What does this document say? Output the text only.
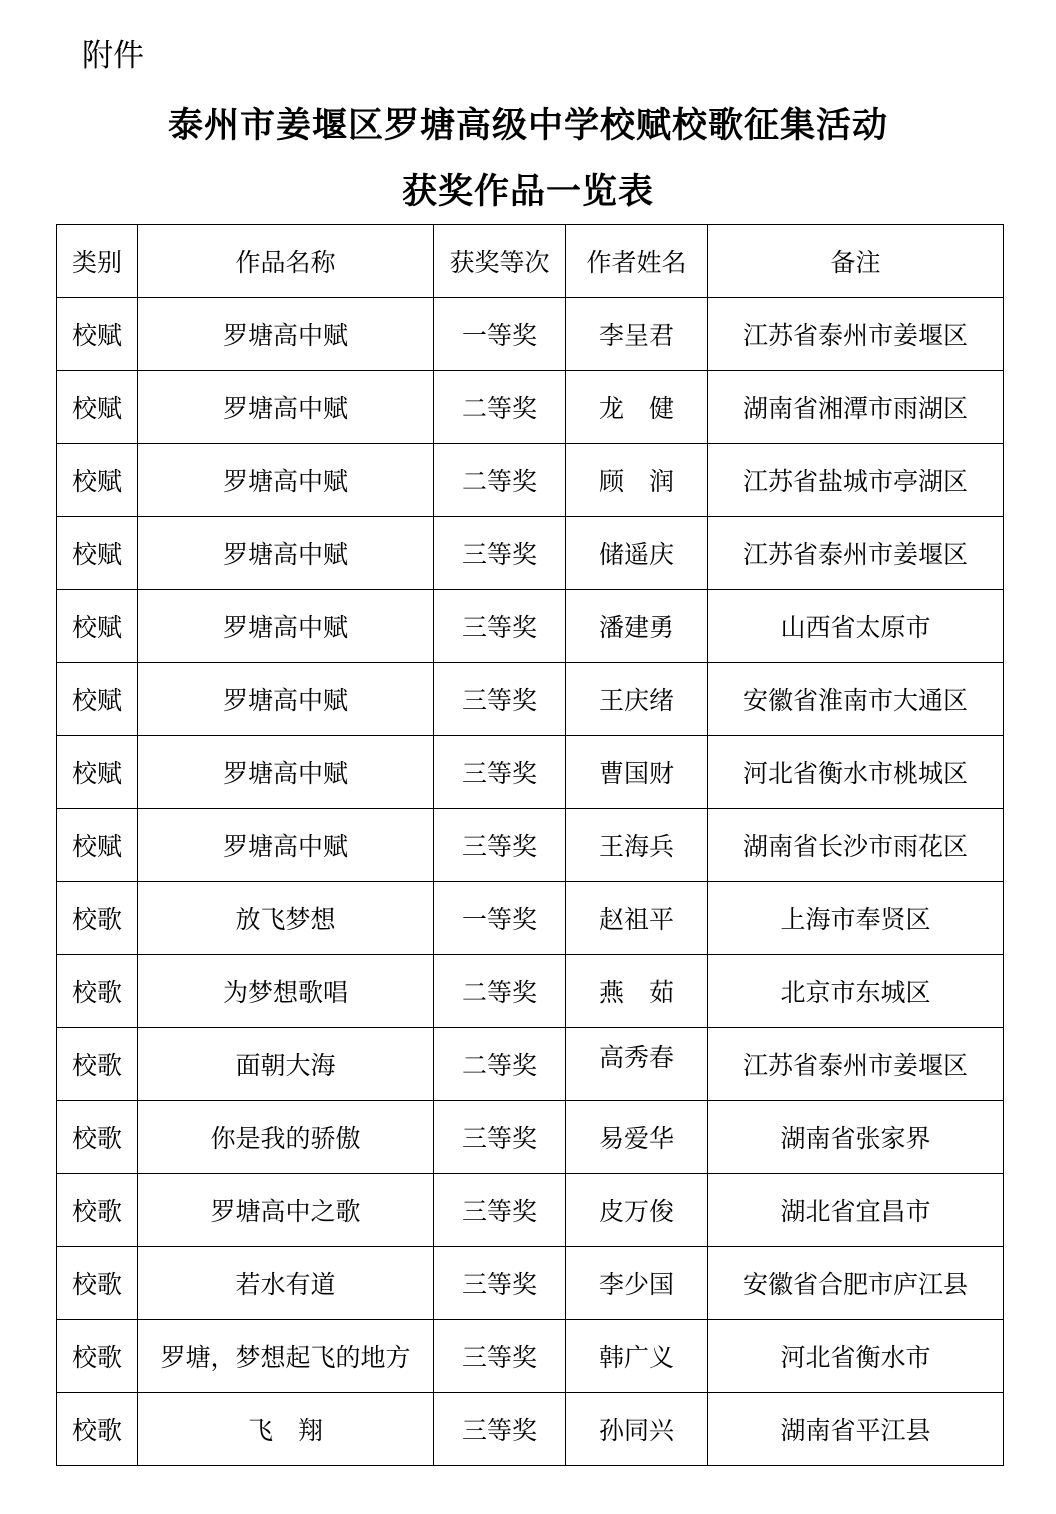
附件

泰州市姜堰区罗塘高级中学校赋校歌征集活动
获奖作品一览表
类别	作品名称	获奖等次	作者姓名	备注
校赋	罗塘高中赋	一等奖	李呈君	江苏省泰州市姜堰区
校赋	罗塘高中赋	二等奖	龙　健	湖南省湘潭市雨湖区
校赋	罗塘高中赋	二等奖	顾　润	江苏省盐城市亭湖区
校赋	罗塘高中赋	三等奖	储遥庆	江苏省泰州市姜堰区
校赋	罗塘高中赋	三等奖	潘建勇	山西省太原市
校赋	罗塘高中赋	三等奖	王庆绪	安徽省淮南市大通区
校赋	罗塘高中赋	三等奖	曹国财	河北省衡水市桃城区
校赋	罗塘高中赋	三等奖	王海兵	湖南省长沙市雨花区
校歌	放飞梦想	一等奖	赵祖平	上海市奉贤区
校歌	为梦想歌唱	二等奖	燕　茹	北京市东城区
校歌	面朝大海	二等奖	高秀春	江苏省泰州市姜堰区
校歌	你是我的骄傲	三等奖	易爱华	湖南省张家界
校歌	罗塘高中之歌	三等奖	皮万俊	湖北省宜昌市
校歌	若水有道	三等奖	李少国	安徽省合肥市庐江县
校歌	罗塘，梦想起飞的地方	三等奖	韩广义	河北省衡水市
校歌	飞　翔	三等奖	孙同兴	湖南省平江县
